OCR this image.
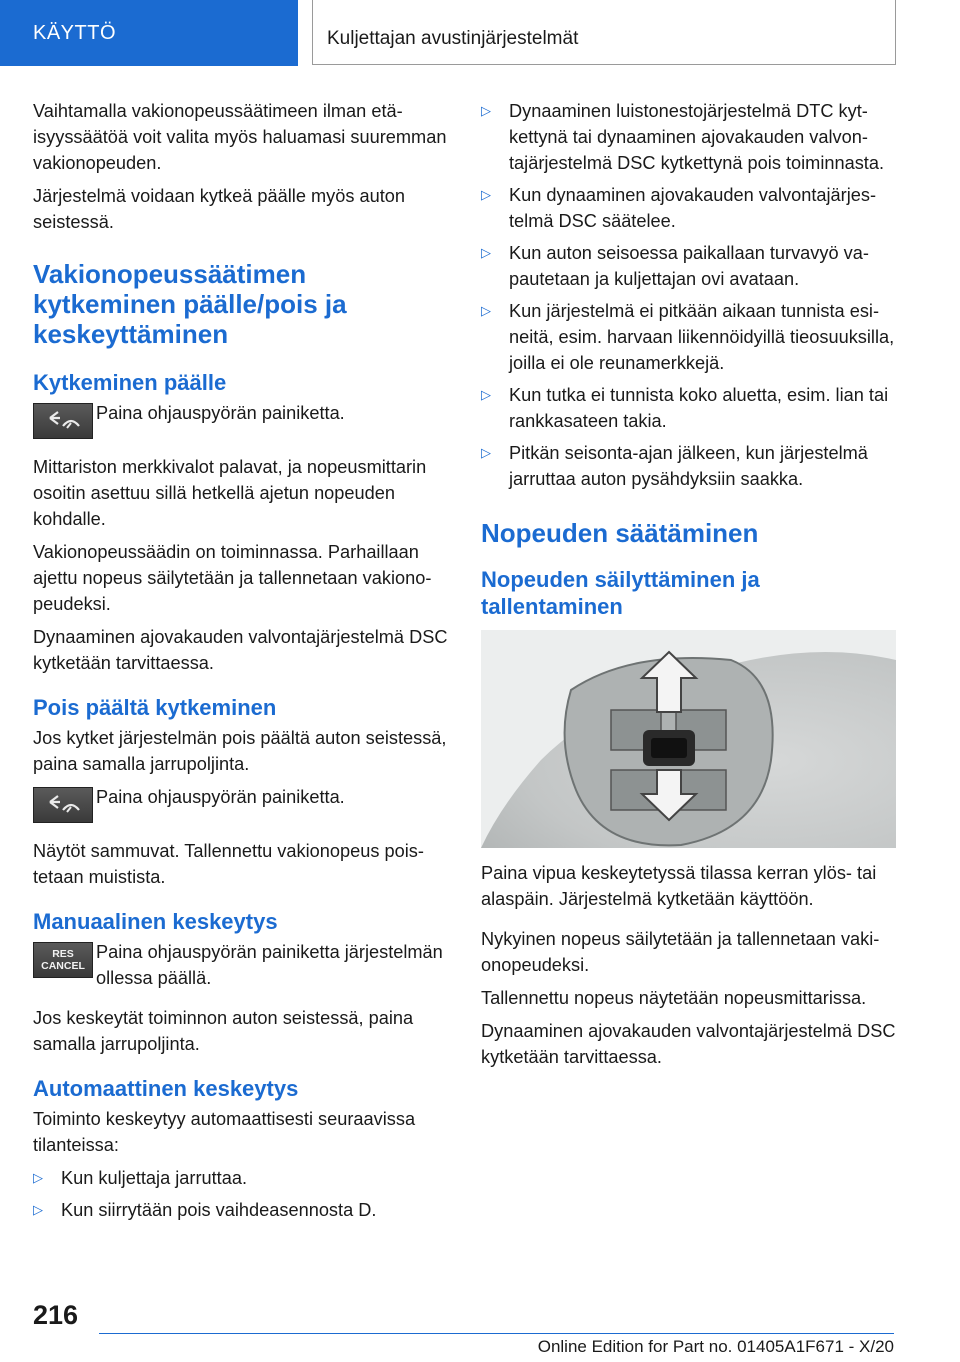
KÄYTTÖ	Kuljettajan avustinjärjestelmät

Vaihtamalla vakionopeussäätimeen ilman etäisyyssäätöä voit valita myös haluamasi suuremman vakionopeuden.

Järjestelmä voidaan kytkeä päälle myös auton seistessä.

Vakionopeussäätimen kytkeminen päälle/pois ja keskeyttäminen
Kytkeminen päälle
Paina ohjauspyörän painiketta.

Mittariston merkkivalot palavat, ja nopeusmittarin osoitin asettuu sillä hetkellä ajetun nopeuden kohdalle.

Vakionopeussäädin on toiminnassa. Parhaillaan ajettu nopeus säilytetään ja tallennetaan vakionopeudeksi.

Dynaaminen ajovakauden valvontajärjestelmä DSC kytketään tarvittaessa.

Pois päältä kytkeminen

Jos kytket järjestelmän pois päältä auton seistessä, paina samalla jarrupoljinta.

Paina ohjauspyörän painiketta.

Näytöt sammuvat. Tallennettu vakionopeus poistetaan muistista.

Manuaalinen keskeytys
RES
CANCEL
Paina ohjauspyörän painiketta järjestelmän ollessa päällä.

Jos keskeytät toiminnon auton seistessä, paina samalla jarrupoljinta.

Automaattinen keskeytys

Toiminto keskeytyy automaattisesti seuraavissa tilanteissa:

▷ Kun kuljettaja jarruttaa.
▷ Kun siirrytään pois vaihdeasennosta D.
▷ Dynaaminen luistonestojärjestelmä DTC kytkettynä tai dynaaminen ajovakauden valvontajärjestelmä DSC kytkettynä pois toiminnasta.
▷ Kun dynaaminen ajovakauden valvontajärjestelmä DSC säätelee.
▷ Kun auton seisoessa paikallaan turvavyö vapautetaan ja kuljettajan ovi avataan.
▷ Kun järjestelmä ei pitkään aikaan tunnista esineitä, esim. harvaan liikennöidyillä tieosuuksilla, joilla ei ole reunamerkkejä.
▷ Kun tutka ei tunnista koko aluetta, esim. lian tai rankkasateen takia.
▷ Pitkän seisonta-ajan jälkeen, kun järjestelmä jarruttaa auton pysähdyksiin saakka.
Nopeuden säätäminen
Nopeuden säilyttäminen ja tallentaminen

Paina vipua keskeytetyssä tilassa kerran ylös- tai alaspäin. Järjestelmä kytketään käyttöön.

Nykyinen nopeus säilytetään ja tallennetaan vakionopeudeksi.

Tallennettu nopeus näytetään nopeusmittarissa.

Dynaaminen ajovakauden valvontajärjestelmä DSC kytketään tarvittaessa.

216
Online Edition for Part no. 01405A1F671 - X/20
